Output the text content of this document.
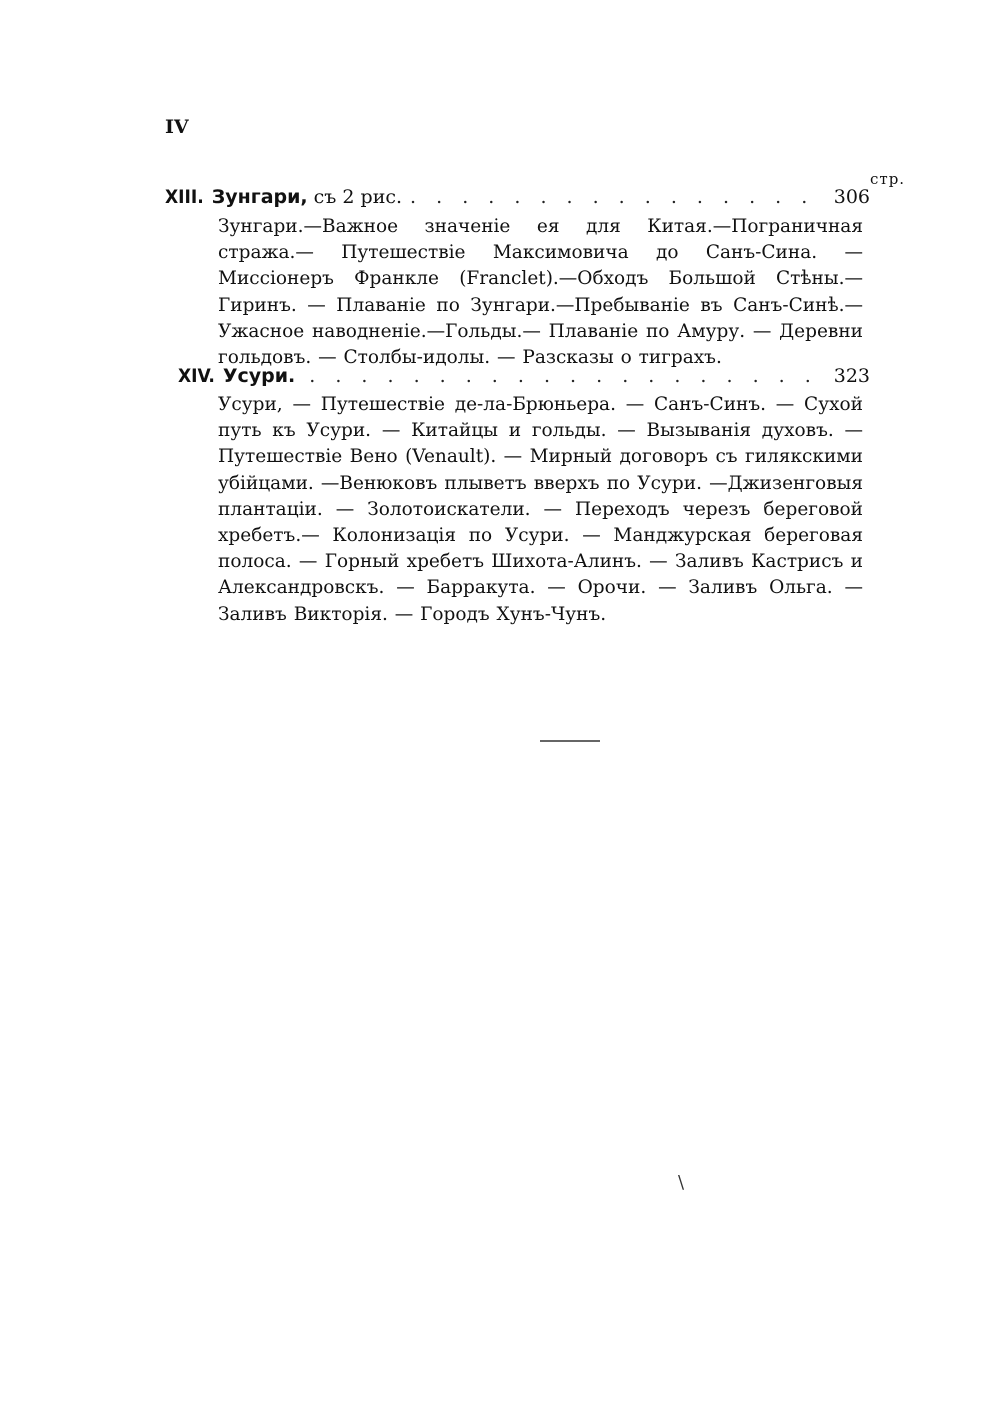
IV
стр.
XIII. Зунгари, съ 2 рис. . . .	306
Зунгари.—Важное значеніе ея для Китая.—Пограничная стража.— Путешествіе Максимовича до Санъ-Сина. — Миссіонеръ Франкле (Franclet).—Обходъ Большой Стѣны.—Гиринъ. — Плаваніе по Зунгари.—Пребываніе въ Санъ-Синѣ.—Ужасное наводненіе.—Гольды.— Плаваніе по Амуру. — Деревни гольдовъ. — Столбы-идолы. — Разсказы о тиграхъ.
XIV. Усури. . . .	323
Усури, — Путешествіе де-ла-Брюньера. — Санъ-Синъ. — Сухой путь къ Усури. — Китайцы и гольды. — Вызыванія духовъ. — Путешествіе Вено (Venault). — Мирный договоръ съ гилякскими убійцами. —Венюковъ плыветъ вверхъ по Усури. —Джизенговыя плантаціи. — Золотоискатели. — Переходъ черезъ береговой хребетъ.— Колонизація по Усури. — Манджурская береговая полоса. — Горный хребетъ Шихота-Алинъ. — Заливъ Кастрисъ и Александровскъ. — Барракута. — Орочи. — Заливъ Ольга. — Заливъ Викторія. — Городъ Хунъ-Чунъ.
\
